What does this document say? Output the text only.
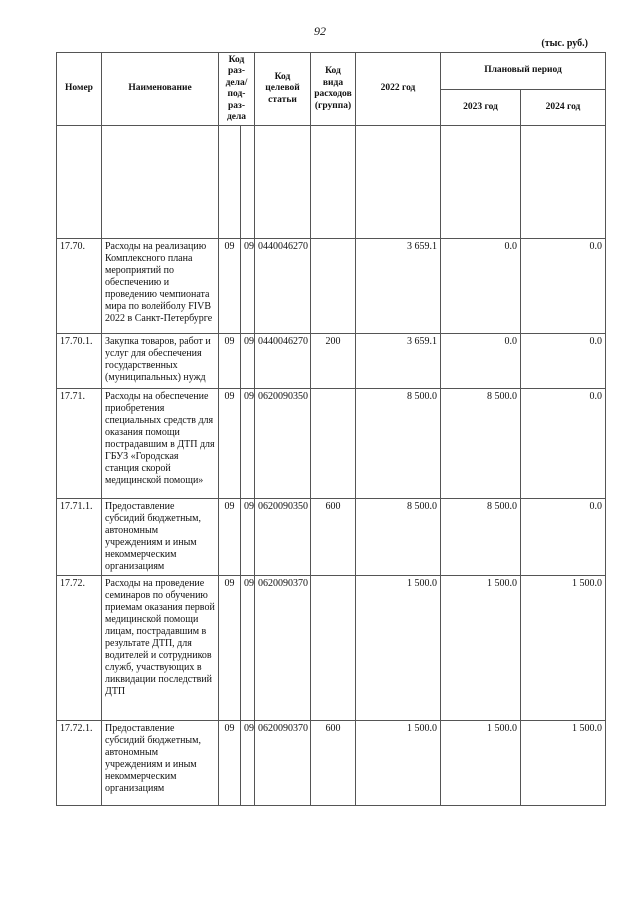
92
(тыс. руб.)
Номер	Наименование	Код раз- дела/ под- раз- дела		Код целевой статьи	Код вида расходов (группа)	2022 год	Плановый период	
							2023 год	2024 год

17.70.	Расходы на реализацию Комплексного плана мероприятий по обеспечению и проведению чемпионата мира по волейболу FIVB 2022 в Санкт-Петербурге	09	09	0440046270		3 659.1	0.0	0.0
17.70.1.	Закупка товаров, работ и услуг для обеспечения государственных (муниципальных) нужд	09	09	0440046270	200	3 659.1	0.0	0.0
17.71.	Расходы на обеспечение приобретения специальных средств для оказания помощи пострадавшим в ДТП для ГБУЗ «Городская станция скорой медицинской помощи»	09	09	0620090350		8 500.0	8 500.0	0.0
17.71.1.	Предоставление субсидий бюджетным, автономным учреждениям и иным некоммерческим организациям	09	09	0620090350	600	8 500.0	8 500.0	0.0
17.72.	Расходы на проведение семинаров по обучению приемам оказания первой медицинской помощи лицам, пострадавшим в результате ДТП, для водителей и сотрудников служб, участвующих в ликвидации последствий ДТП	09	09	0620090370		1 500.0	1 500.0	1 500.0
17.72.1.	Предоставление субсидий бюджетным, автономным учреждениям и иным некоммерческим организациям	09	09	0620090370	600	1 500.0	1 500.0	1 500.0
